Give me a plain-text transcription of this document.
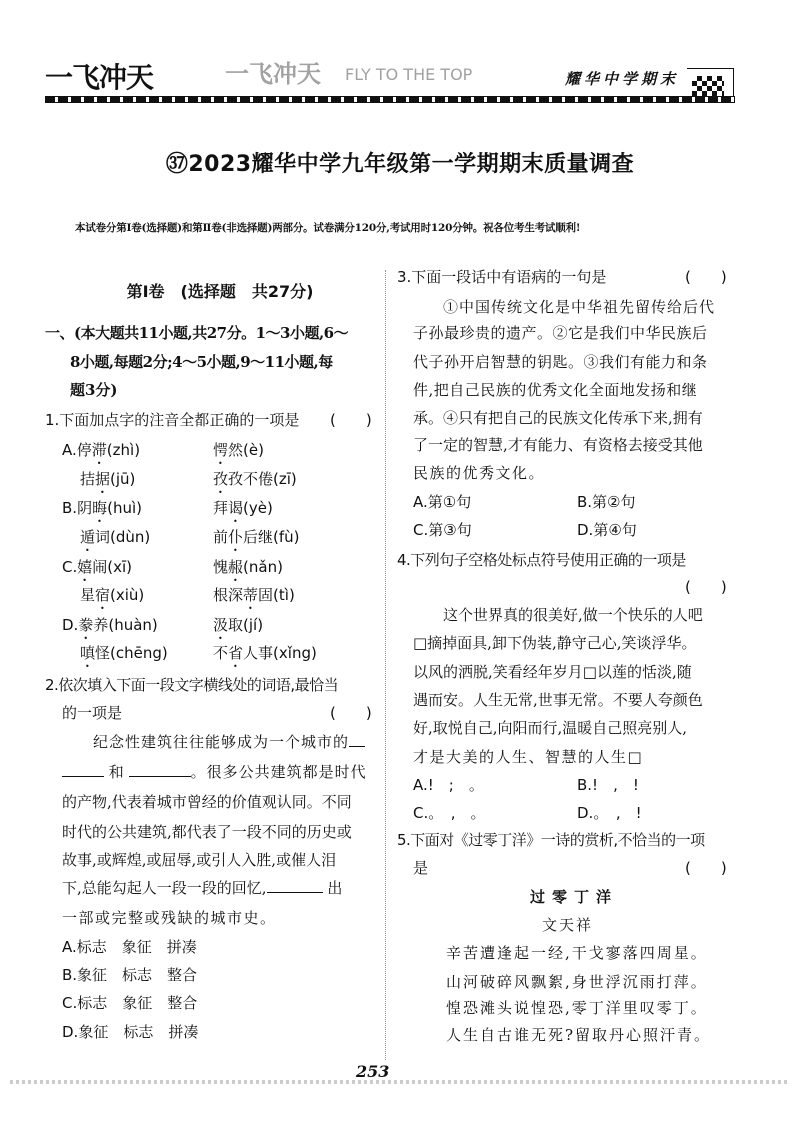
一飞冲天	耀华中学期末
一飞冲天 FLY TO THE TOP
㊲2023耀华中学九年级第一学期期末质量调查
本试卷分第Ⅰ卷(选择题)和第Ⅱ卷(非选择题)两部分。试卷满分120分,考试用时120分钟。祝各位考生考试顺利!
第Ⅰ卷　(选择题　共27分)
一、(本大题共11小题,共27分。1～3小题,6～
8小题,每题2分;4～5小题,9～11小题,每
题3分)
1.下面加点字的注音全都正确的一项是 (　　)
A.停滞(zhì)	愕然(è)
拮据(jū)	孜孜不倦(zī)
B.阴晦(huì)	拜谒(yè)
遁词(dùn)	前仆后继(fù)
C.嬉闹(xī)	愧赧(nǎn)
星宿(xiù)	根深蒂固(tì)
D.豢养(huàn)	汲取(jí)
嗔怪(chēng)	不省人事(xǐng)
2.依次填入下面一段文字横线处的词语,最恰当
的一项是	(　　)
纪念性建筑往往能够成为一个城市的
和	。很多公共建筑都是时代
的产物,代表着城市曾经的价值观认同。不同
时代的公共建筑,都代表了一段不同的历史或
故事,或辉煌,或屈辱,或引人入胜,或催人泪
下,总能勾起人一段一段的回忆,	出
一部或完整或残缺的城市史。
A.标志　象征　拼凑
B.象征　标志　整合
C.标志　象征　整合
D.象征　标志　拼凑
3.下面一段话中有语病的一句是	(　　)
①中国传统文化是中华祖先留传给后代
子孙最珍贵的遗产。②它是我们中华民族后
代子孙开启智慧的钥匙。③我们有能力和条
件,把自己民族的优秀文化全面地发扬和继
承。④只有把自己的民族文化传承下来,拥有
了一定的智慧,才有能力、有资格去接受其他
民族的优秀文化。
A.第①句	B.第②句
C.第③句	D.第④句
4.下列句子空格处标点符号使用正确的一项是
(　　)
这个世界真的很美好,做一个快乐的人吧
□摘掉面具,卸下伪装,静守己心,笑谈浮华。
以风的洒脱,笑看经年岁月□以莲的恬淡,随
遇而安。人生无常,世事无常。不要人夸颜色
好,取悦自己,向阳而行,温暖自己照亮别人,
才是大美的人生、智慧的人生□
A.!　;　。	B.!　,　!
C.。　,　。	D.。　,　!
5.下面对《过零丁洋》一诗的赏析,不恰当的一项
是	(　　)
过零丁洋
文天祥
辛苦遭逢起一经,干戈寥落四周星。
山河破碎风飘絮,身世浮沉雨打萍。
惶恐滩头说惶恐,零丁洋里叹零丁。
人生自古谁无死?留取丹心照汗青。
253
